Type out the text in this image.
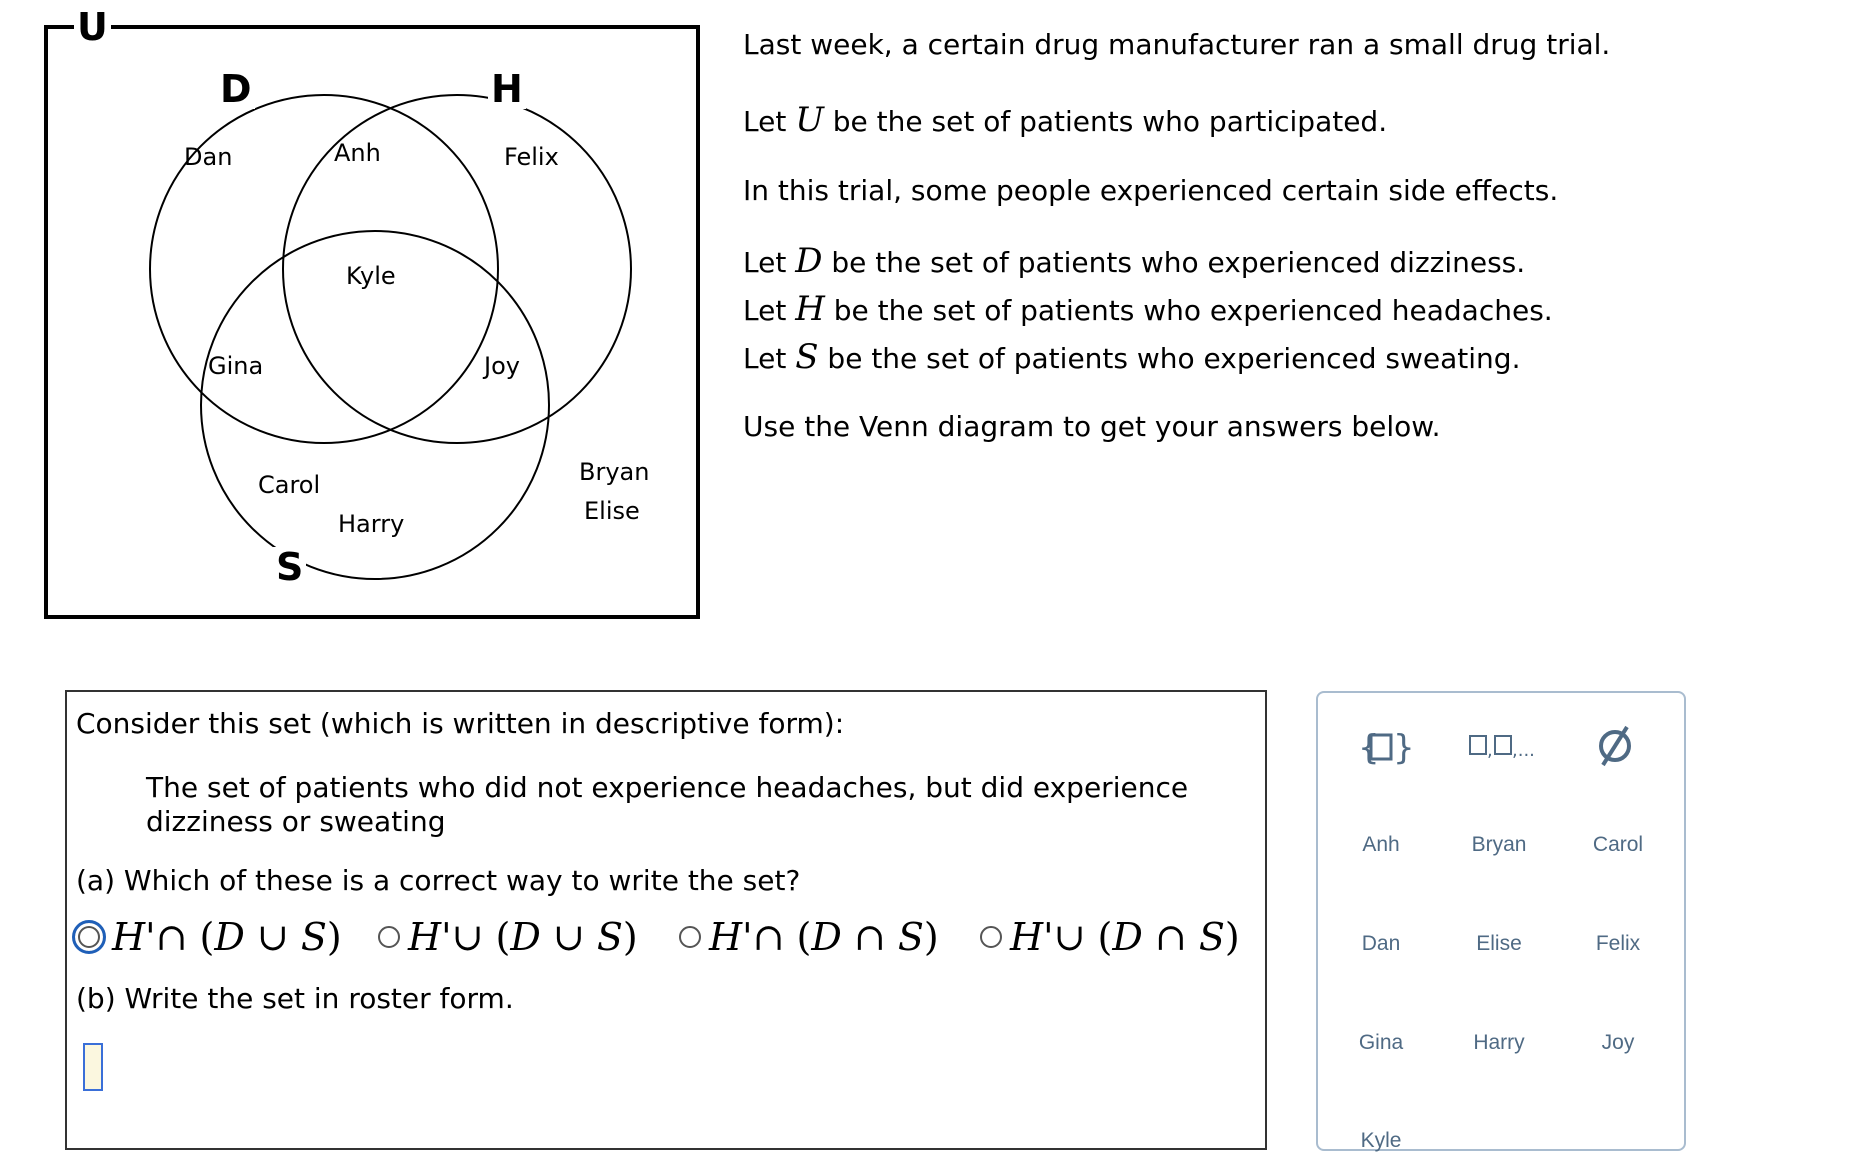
U
D	H
S
Dan	Anh	Felix
Kyle
Gina	Joy
Carol
Harry
Bryan
Elise
Last week, a certain drug manufacturer ran a small drug trial.
Let U be the set of patients who participated.
In this trial, some people experienced certain side effects.
Let D be the set of patients who experienced dizziness.
Let H be the set of patients who experienced headaches.
Let S be the set of patients who experienced sweating.
Use the Venn diagram to get your answers below.
Consider this set (which is written in descriptive form):
The set of patients who did not experience headaches, but did experience
dizziness or sweating
(a) Which of these is a correct way to write the set?
H'∩ (D ∪ S) H'∪ (D ∪ S) H'∩ (D ∩ S) H'∪ (D ∩ S)
(b) Write the set in roster form.
{ }	, ,...
Anh	Bryan	Carol
Dan	Elise	Felix
Gina	Harry	Joy
Kyle
